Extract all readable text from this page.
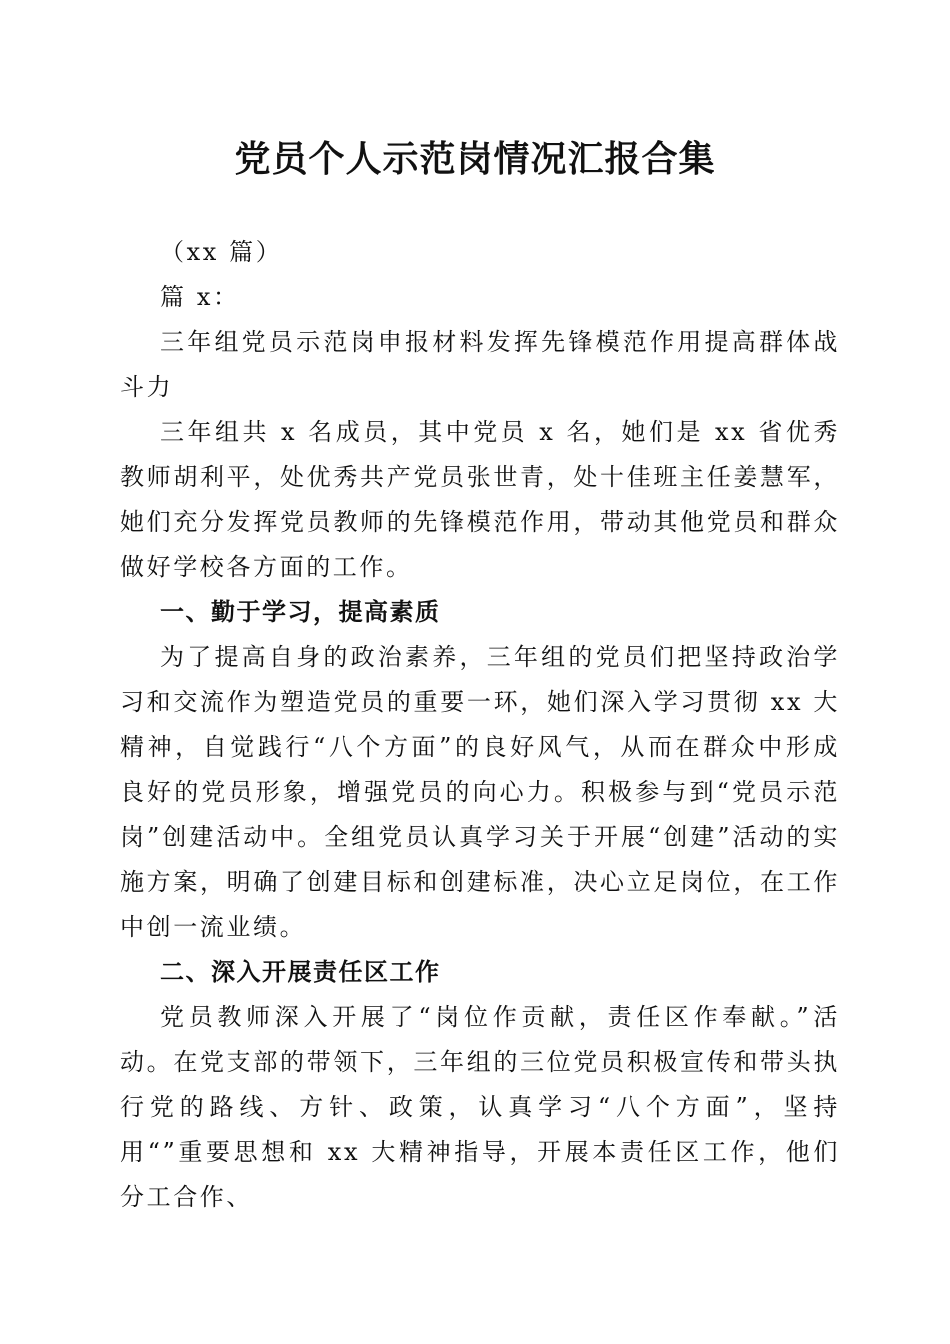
党员个人示范岗情况汇报合集

（xx 篇）

篇 x：

三年组党员示范岗申报材料发挥先锋模范作用提高群体战斗力

三年组共 x 名成员，其中党员 x 名，她们是 xx 省优秀教师胡利平，处优秀共产党员张世青，处十佳班主任姜慧军，她们充分发挥党员教师的先锋模范作用，带动其他党员和群众做好学校各方面的工作。

一、勤于学习，提高素质

为了提高自身的政治素养，三年组的党员们把坚持政治学习和交流作为塑造党员的重要一环，她们深入学习贯彻 xx 大精神，自觉践行“八个方面”的良好风气，从而在群众中形成良好的党员形象，增强党员的向心力。积极参与到“党员示范岗”创建活动中。全组党员认真学习关于开展“创建”活动的实施方案，明确了创建目标和创建标准，决心立足岗位，在工作中创一流业绩。

二、深入开展责任区工作

党员教师深入开展了“岗位作贡献，责任区作奉献。”活动。在党支部的带领下，三年组的三位党员积极宣传和带头执行党的路线、方针、政策，认真学习“八个方面”，坚持用“”重要思想和 xx 大精神指导，开展本责任区工作，他们分工合作、
